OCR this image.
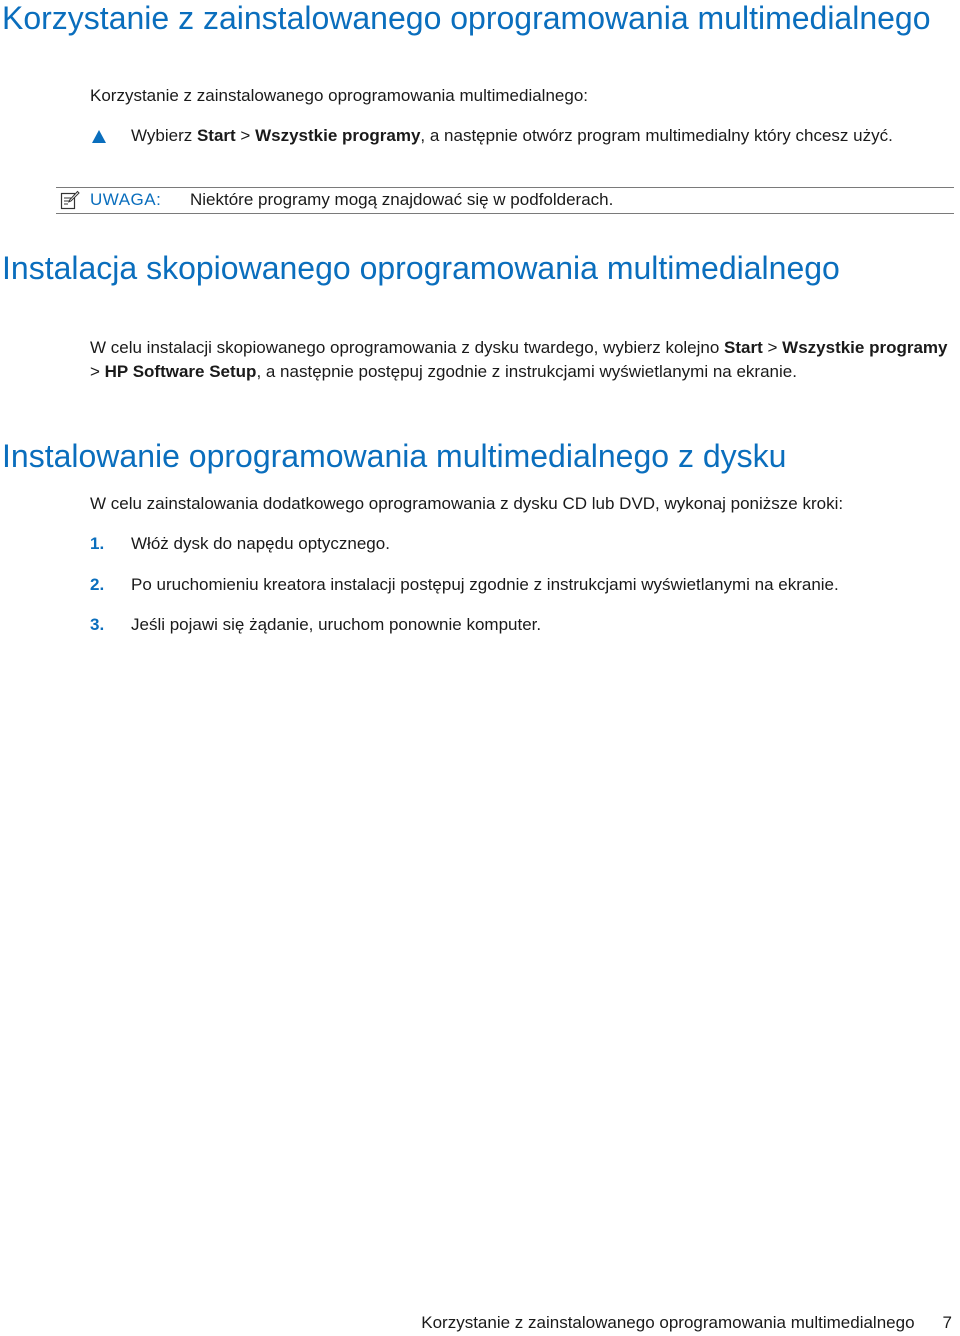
Korzystanie z zainstalowanego oprogramowania multimedialnego

Korzystanie z zainstalowanego oprogramowania multimedialnego:

Wybierz Start > Wszystkie programy, a następnie otwórz program multimedialny który chcesz użyć.
UWAGA: Niektóre programy mogą znajdować się w podfolderach.
Instalacja skopiowanego oprogramowania multimedialnego

W celu instalacji skopiowanego oprogramowania z dysku twardego, wybierz kolejno Start > Wszystkie programy > HP Software Setup, a następnie postępuj zgodnie z instrukcjami wyświetlanymi na ekranie.

Instalowanie oprogramowania multimedialnego z dysku

W celu zainstalowania dodatkowego oprogramowania z dysku CD lub DVD, wykonaj poniższe kroki:

1. Włóż dysk do napędu optycznego.
2. Po uruchomieniu kreatora instalacji postępuj zgodnie z instrukcjami wyświetlanymi na ekranie.
3. Jeśli pojawi się żądanie, uruchom ponownie komputer.
Korzystanie z zainstalowanego oprogramowania multimedialnego 7
